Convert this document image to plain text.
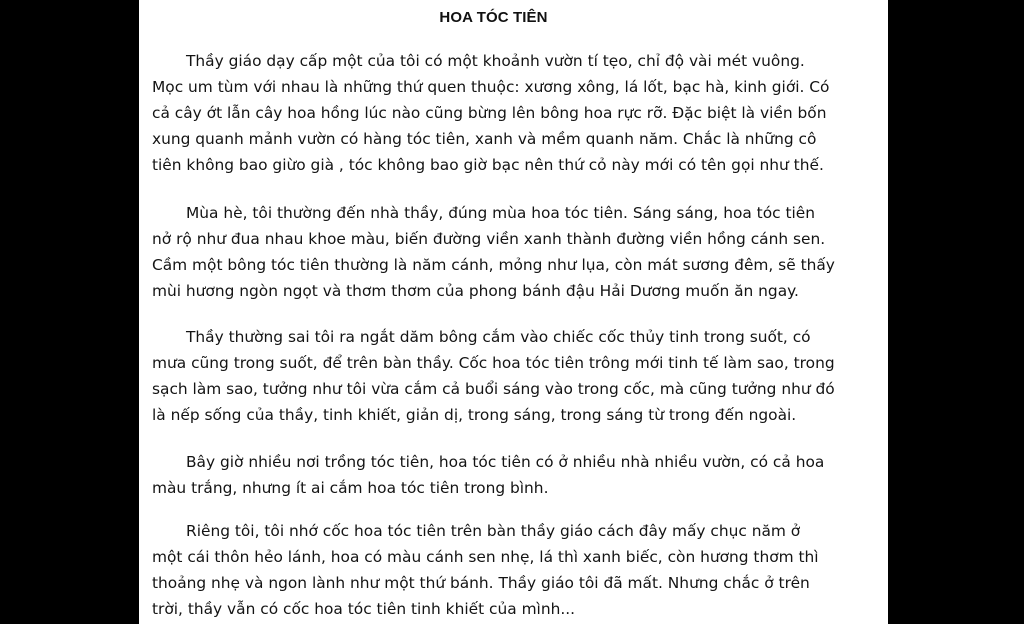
HOA TÓC TIÊN

Thầy giáo dạy cấp một của tôi có một khoảnh vườn tí tẹo, chỉ độ vài mét vuông.
Mọc um tùm với nhau là những thứ quen thuộc: xương xông, lá lốt, bạc hà, kinh giới. Có
cả cây ớt lẫn cây hoa hồng lúc nào cũng bừng lên bông hoa rực rỡ. Đặc biệt là viền bốn
xung quanh mảnh vườn có hàng tóc tiên, xanh và mềm quanh năm. Chắc là những cô
tiên không bao giừo già , tóc không bao giờ bạc nên thứ cỏ này mới có tên gọi như thế.

Mùa hè, tôi thường đến nhà thầy, đúng mùa hoa tóc tiên. Sáng sáng, hoa tóc tiên
nở rộ như đua nhau khoe màu, biến đường viền xanh thành đường viền hồng cánh sen.
Cầm một bông tóc tiên thường là năm cánh, mỏng như lụa, còn mát sương đêm, sẽ thấy
mùi hương ngòn ngọt và thơm thơm của phong bánh đậu Hải Dương muốn ăn ngay.

Thầy thường sai tôi ra ngắt dăm bông cắm vào chiếc cốc thủy tinh trong suốt, có
mưa cũng trong suốt, để trên bàn thầy. Cốc hoa tóc tiên trông mới tinh tế làm sao, trong
sạch làm sao, tưởng như tôi vừa cắm cả buổi sáng vào trong cốc, mà cũng tưởng như đó
là nếp sống của thầy, tinh khiết, giản dị, trong sáng, trong sáng từ trong đến ngoài.

Bây giờ nhiều nơi trồng tóc tiên, hoa tóc tiên có ở nhiều nhà nhiều vườn, có cả hoa
màu trắng, nhưng ít ai cắm hoa tóc tiên trong bình.

Riêng tôi, tôi nhớ cốc hoa tóc tiên trên bàn thầy giáo cách đây mấy chục năm ở
một cái thôn hẻo lánh, hoa có màu cánh sen nhẹ, lá thì xanh biếc, còn hương thơm thì
thoảng nhẹ và ngon lành như một thứ bánh. Thầy giáo tôi đã mất. Nhưng chắc ở trên
trời, thầy vẫn có cốc hoa tóc tiên tinh khiết của mình...
